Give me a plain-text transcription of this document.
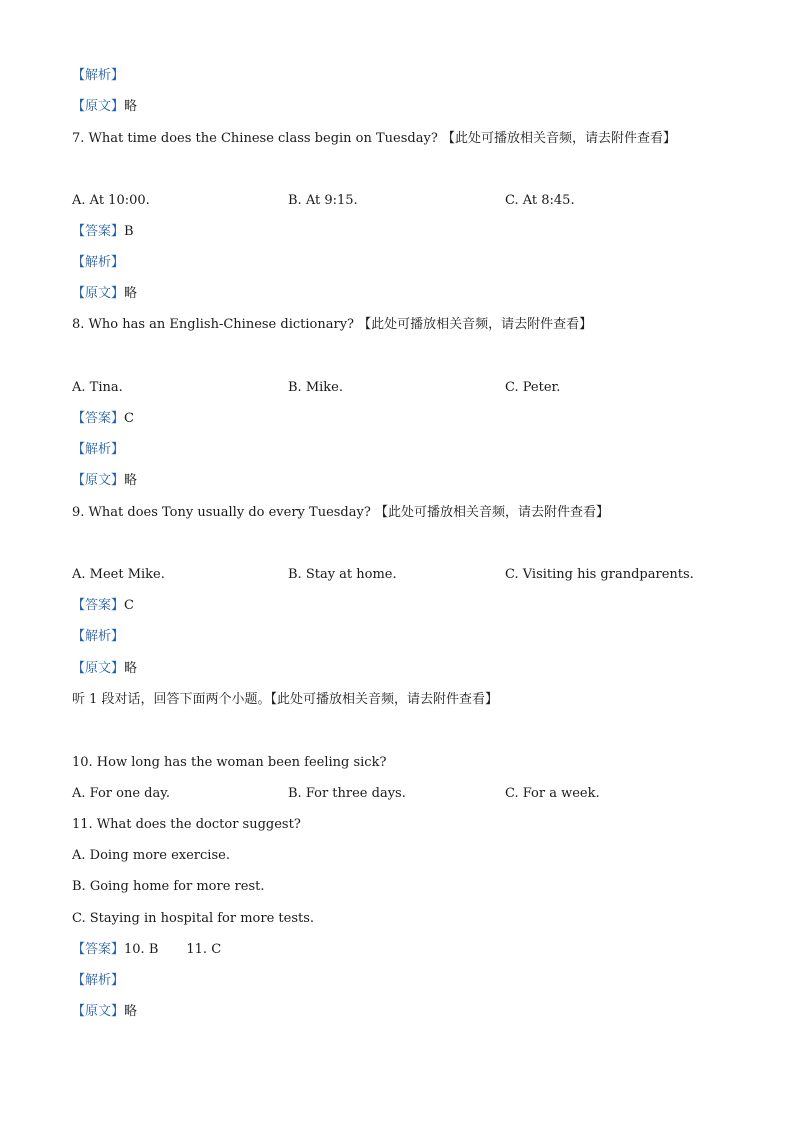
【解析】
【原文】略
7. What time does the Chinese class begin on Tuesday? 【此处可播放相关音频，请去附件查看】
A. At 10:00.	B. At 9:15.	C. At 8:45.
【答案】B
【解析】
【原文】略
8. Who has an English-Chinese dictionary? 【此处可播放相关音频，请去附件查看】
A. Tina.	B. Mike.	C. Peter.
【答案】C
【解析】
【原文】略
9. What does Tony usually do every Tuesday? 【此处可播放相关音频，请去附件查看】
A. Meet Mike.	B. Stay at home.	C. Visiting his grandparents.
【答案】C
【解析】
【原文】略
听 1 段对话，回答下面两个小题。【此处可播放相关音频，请去附件查看】
10. How long has the woman been feeling sick?
A. For one day.	B. For three days.	C. For a week.
11. What does the doctor suggest?
A. Doing more exercise.
B. Going home for more rest.
C. Staying in hospital for more tests.
【答案】10. B 11. C
【解析】
【原文】略
